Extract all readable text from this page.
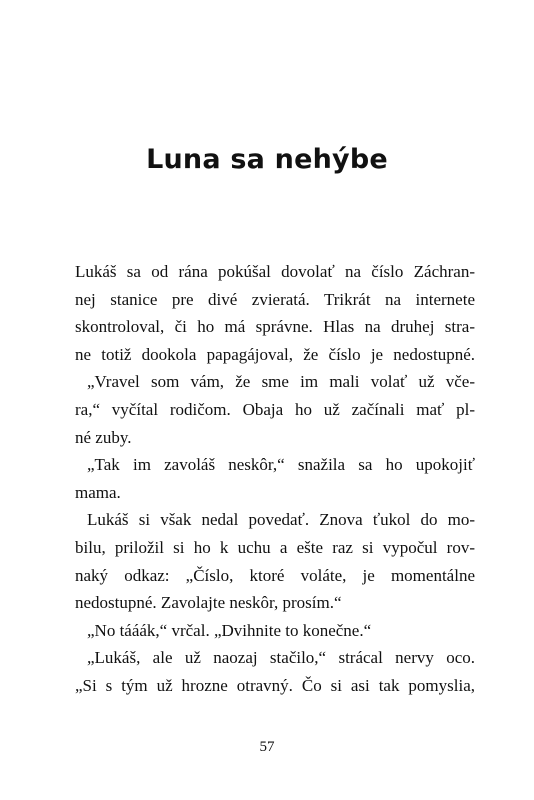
Luna sa nehýbe
Lukáš sa od rána pokúšal dovolať na číslo Záchran-
nej stanice pre divé zvieratá. Trikrát na internete
skontroloval, či ho má správne. Hlas na druhej stra-
ne totiž dookola papagájoval, že číslo je nedostupné.
„Vravel som vám, že sme im mali volať už vče-
ra,“ vyčítal rodičom. Obaja ho už začínali mať pl-
né zuby.
„Tak im zavoláš neskôr,“ snažila sa ho upokojiť
mama.
Lukáš si však nedal povedať. Znova ťukol do mo-
bilu, priložil si ho k uchu a ešte raz si vypočul rov-
naký odkaz: „Číslo, ktoré voláte, je momentálne
nedostupné. Zavolajte neskôr, prosím.“
„No tááák,“ vrčal. „Dvihnite to konečne.“
„Lukáš, ale už naozaj stačilo,“ strácal nervy oco.
„Si s tým už hrozne otravný. Čo si asi tak pomyslia,
57
